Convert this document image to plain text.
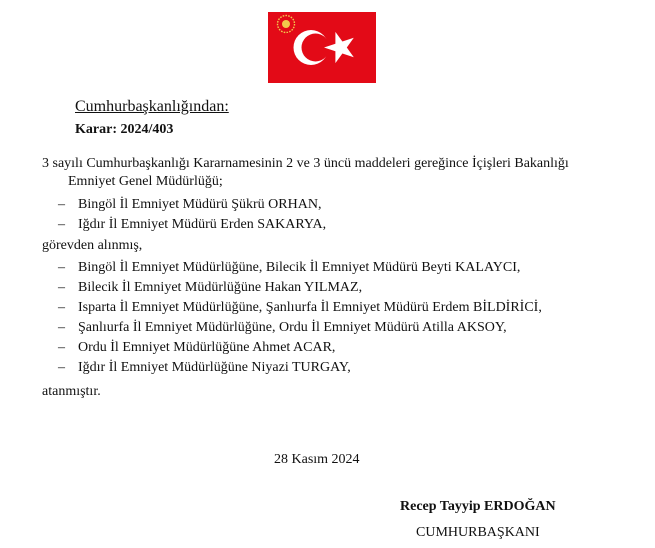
Cumhurbaşkanlığından:

Karar: 2024/403

3 sayılı Cumhurbaşkanlığı Kararnamesinin 2 ve 3 üncü maddeleri gereğince İçişleri Bakanlığı
Emniyet Genel Müdürlüğü;

– Bingöl İl Emniyet Müdürü Şükrü ORHAN,
– Iğdır İl Emniyet Müdürü Erden SAKARYA,

görevden alınmış,

– Bingöl İl Emniyet Müdürlüğüne, Bilecik İl Emniyet Müdürü Beyti KALAYCI,
– Bilecik İl Emniyet Müdürlüğüne Hakan YILMAZ,
– Isparta İl Emniyet Müdürlüğüne, Şanlıurfa İl Emniyet Müdürü Erdem BİLDİRİCİ,
– Şanlıurfa İl Emniyet Müdürlüğüne, Ordu İl Emniyet Müdürü Atilla AKSOY,
– Ordu İl Emniyet Müdürlüğüne Ahmet ACAR,
– Iğdır İl Emniyet Müdürlüğüne Niyazi TURGAY,

atanmıştır.

28 Kasım 2024

Recep Tayyip ERDOĞAN

CUMHURBAŞKANI
